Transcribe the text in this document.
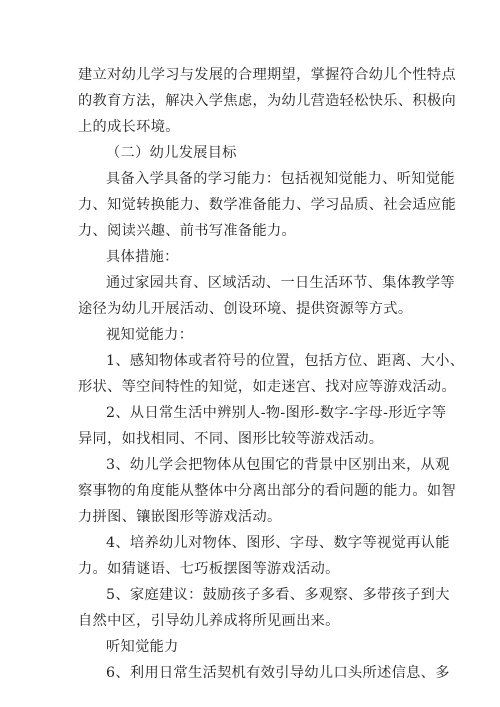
建立对幼儿学习与发展的合理期望，掌握符合幼儿个性特点
的教育方法，解决入学焦虑，为幼儿营造轻松快乐、积极向
上的成长环境。
（二）幼儿发展目标
具备入学具备的学习能力：包括视知觉能力、听知觉能
力、知觉转换能力、数学准备能力、学习品质、社会适应能
力、阅读兴趣、前书写准备能力。
具体措施：
通过家园共育、区域活动、一日生活环节、集体教学等
途径为幼儿开展活动、创设环境、提供资源等方式。
视知觉能力：
1、感知物体或者符号的位置，包括方位、距离、大小、
形状、等空间特性的知觉，如走迷宫、找对应等游戏活动。
2、从日常生活中辨别人-物-图形-数字-字母-形近字等
异同，如找相同、不同、图形比较等游戏活动。
3、幼儿学会把物体从包围它的背景中区别出来，从观
察事物的角度能从整体中分离出部分的看问题的能力。如智
力拼图、镶嵌图形等游戏活动。
4、培养幼儿对物体、图形、字母、数字等视觉再认能
力。如猜谜语、七巧板摆图等游戏活动。
5、家庭建议：鼓励孩子多看、多观察、多带孩子到大
自然中区，引导幼儿养成将所见画出来。
听知觉能力
6、利用日常生活契机有效引导幼儿口头所述信息、多
